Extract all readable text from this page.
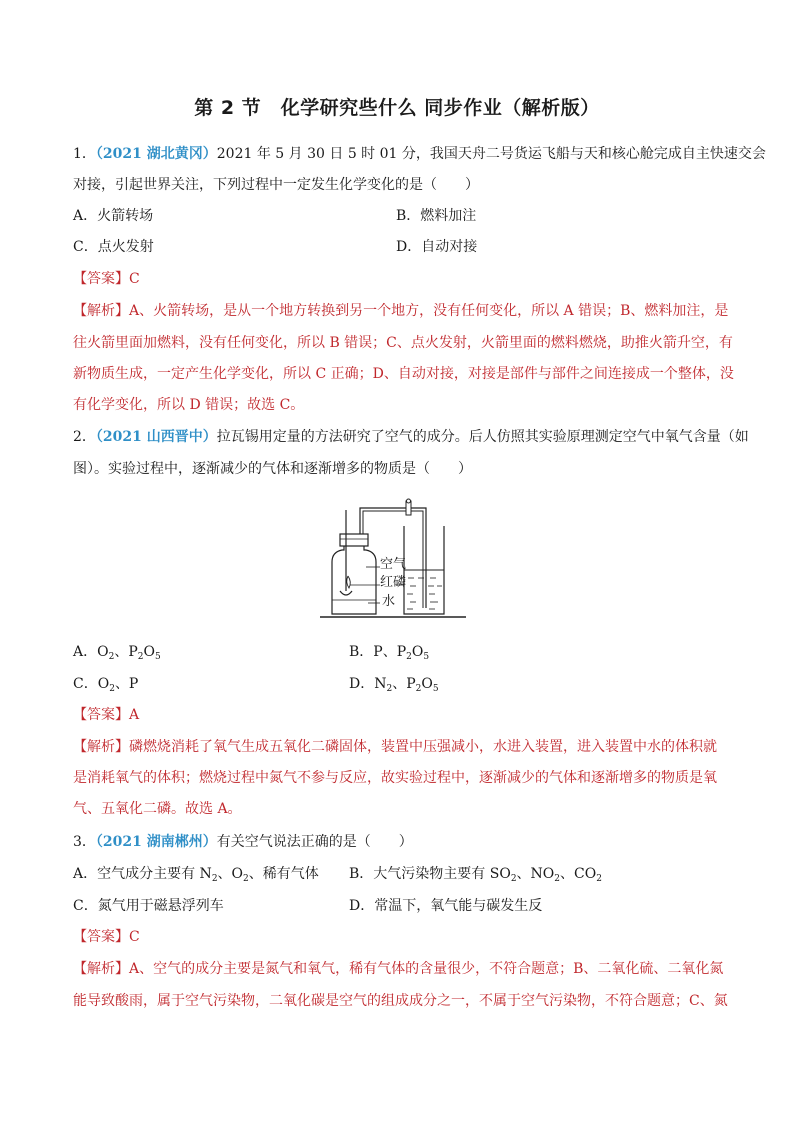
第 2 节　化学研究些什么 同步作业（解析版）
1．（2021 湖北黄冈）2021 年 5 月 30 日 5 时 01 分，我国天舟二号货运飞船与天和核心舱完成自主快速交会
对接，引起世界关注，下列过程中一定发生化学变化的是（　　）
A．火箭转场	B．燃料加注
C．点火发射	D．自动对接
【答案】C
【解析】A、火箭转场，是从一个地方转换到另一个地方，没有任何变化，所以 A 错误；B、燃料加注，是
往火箭里面加燃料，没有任何变化，所以 B 错误；C、点火发射，火箭里面的燃料燃烧，助推火箭升空，有
新物质生成，一定产生化学变化，所以 C 正确；D、自动对接，对接是部件与部件之间连接成一个整体，没
有化学变化，所以 D 错误；故选 C。
2．（2021 山西晋中）拉瓦锡用定量的方法研究了空气的成分。后人仿照其实验原理测定空气中氧气含量（如
图）。实验过程中，逐渐减少的气体和逐渐增多的物质是（　　）
空气
红磷
水
A．$O_2$、$P_2O_5$	B．P、$P_2O_5$
C．$O_2$、P	D．$N_2$、$P_2O_5$
【答案】A
【解析】磷燃烧消耗了氧气生成五氧化二磷固体，装置中压强减小，水进入装置，进入装置中水的体积就
是消耗氧气的体积；燃烧过程中氮气不参与反应，故实验过程中，逐渐减少的气体和逐渐增多的物质是氧
气、五氧化二磷。故选 A。
3．（2021 湖南郴州）有关空气说法正确的是（　　）
A．空气成分主要有 $N_2$、$O_2$、稀有气体 B．大气污染物主要有 $SO_2$、$NO_2$、$CO_2$
C．氮气用于磁悬浮列车	D．常温下，氧气能与碳发生反
【答案】C
【解析】A、空气的成分主要是氮气和氧气，稀有气体的含量很少，不符合题意；B、二氧化硫、二氧化氮
能导致酸雨，属于空气污染物，二氧化碳是空气的组成成分之一，不属于空气污染物，不符合题意；C、氮
